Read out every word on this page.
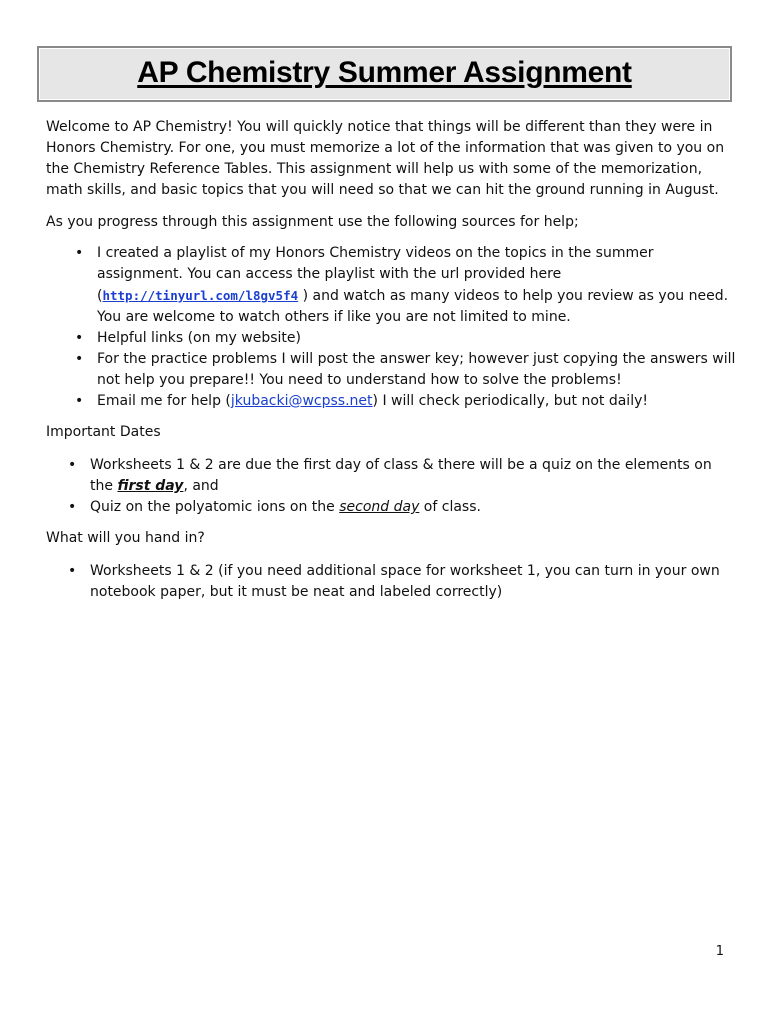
AP Chemistry Summer Assignment

Welcome to AP Chemistry! You will quickly notice that things will be different than they were in Honors Chemistry. For one, you must memorize a lot of the information that was given to you on the Chemistry Reference Tables. This assignment will help us with some of the memorization, math skills, and basic topics that you will need so that we can hit the ground running in August.

As you progress through this assignment use the following sources for help;

• I created a playlist of my Honors Chemistry videos on the topics in the summer assignment. You can access the playlist with the url provided here (http://tinyurl.com/l8gv5f4 ) and watch as many videos to help you review as you need. You are welcome to watch others if like you are not limited to mine.
• Helpful links (on my website)
• For the practice problems I will post the answer key; however just copying the answers will not help you prepare!! You need to understand how to solve the problems!
• Email me for help (jkubacki@wcpss.net) I will check periodically, but not daily!

Important Dates

• Worksheets 1 & 2 are due the first day of class & there will be a quiz on the elements on the first day, and
• Quiz on the polyatomic ions on the second day of class.

What will you hand in?

• Worksheets 1 & 2 (if you need additional space for worksheet 1, you can turn in your own notebook paper, but it must be neat and labeled correctly)
1
